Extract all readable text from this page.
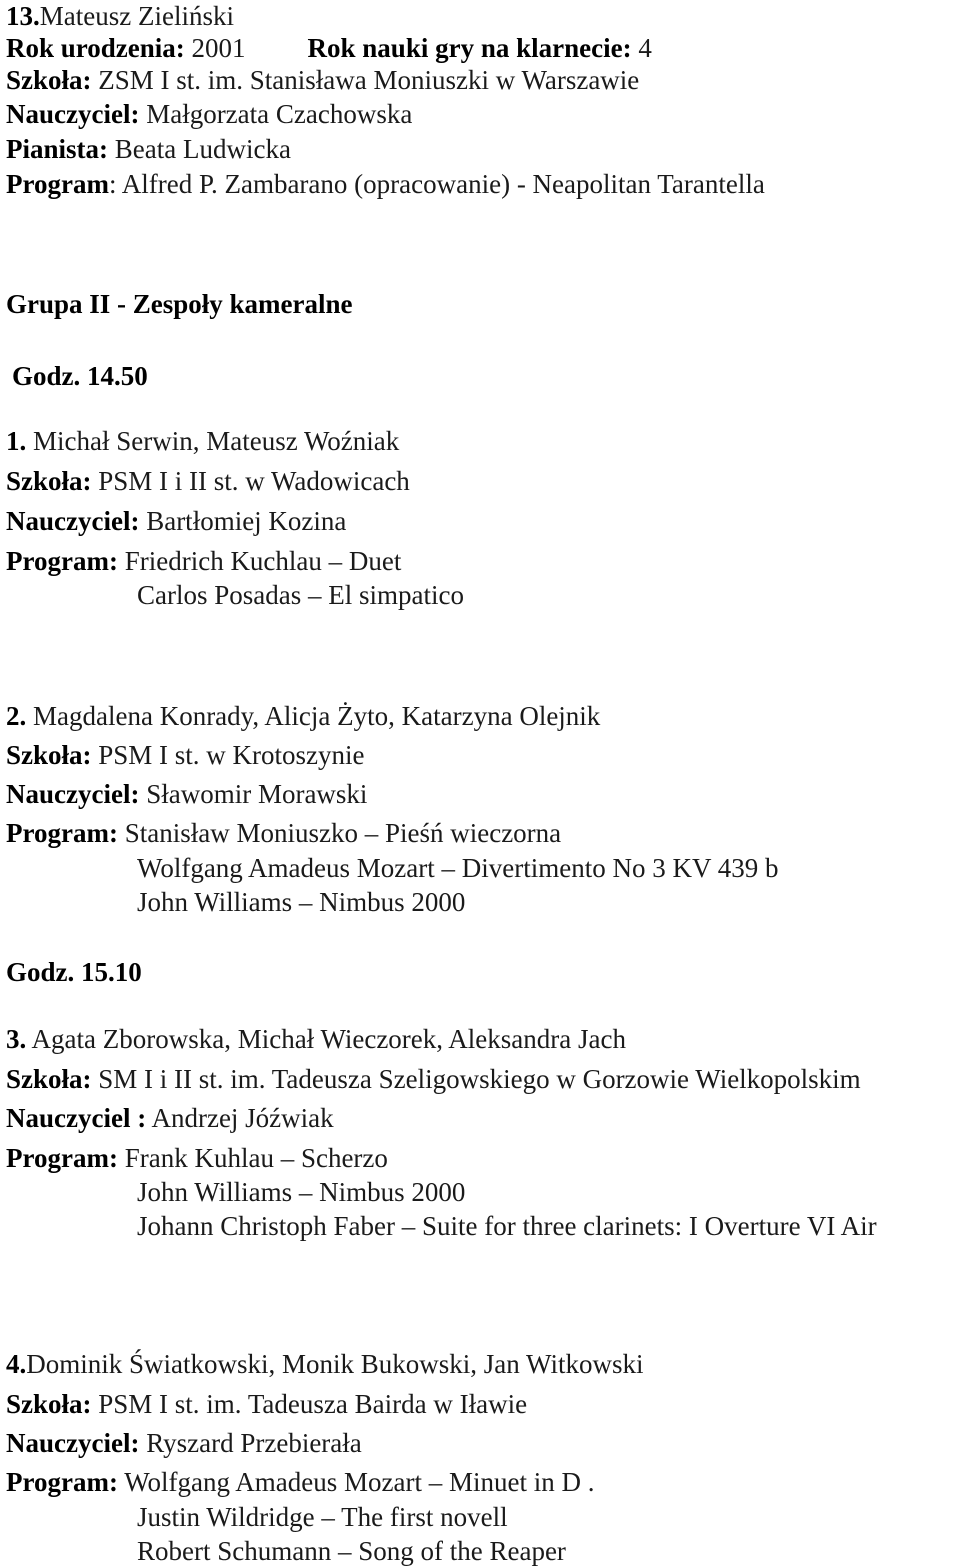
13.Mateusz Zieliński
Rok urodzenia: 2001 Rok nauki gry na klarnecie: 4
Szkoła: ZSM I st. im. Stanisława Moniuszki w Warszawie
Nauczyciel: Małgorzata Czachowska
Pianista: Beata Ludwicka
Program: Alfred P. Zambarano (opracowanie) - Neapolitan Tarantella
Grupa II - Zespoły kameralne
Godz. 14.50
1. Michał Serwin, Mateusz Woźniak
Szkoła: PSM I i II st. w Wadowicach
Nauczyciel: Bartłomiej Kozina
Program: Friedrich Kuchlau – Duet
Carlos Posadas – El simpatico
2. Magdalena Konrady, Alicja Żyto, Katarzyna Olejnik
Szkoła: PSM I st. w Krotoszynie
Nauczyciel: Sławomir Morawski
Program: Stanisław Moniuszko – Pieśń wieczorna
Wolfgang Amadeus Mozart – Divertimento No 3 KV 439 b
John Williams – Nimbus 2000
Godz. 15.10
3. Agata Zborowska, Michał Wieczorek, Aleksandra Jach
Szkoła: SM I i II st. im. Tadeusza Szeligowskiego w Gorzowie Wielkopolskim
Nauczyciel : Andrzej Jóźwiak
Program: Frank Kuhlau – Scherzo
John Williams – Nimbus 2000
Johann Christoph Faber – Suite for three clarinets: I Overture VI Air
4.Dominik Światkowski, Monik Bukowski, Jan Witkowski
Szkoła: PSM I st. im. Tadeusza Bairda w Iławie
Nauczyciel: Ryszard Przebierała
Program: Wolfgang Amadeus Mozart – Minuet in D .
Justin Wildridge – The first novell
Robert Schumann – Song of the Reaper
